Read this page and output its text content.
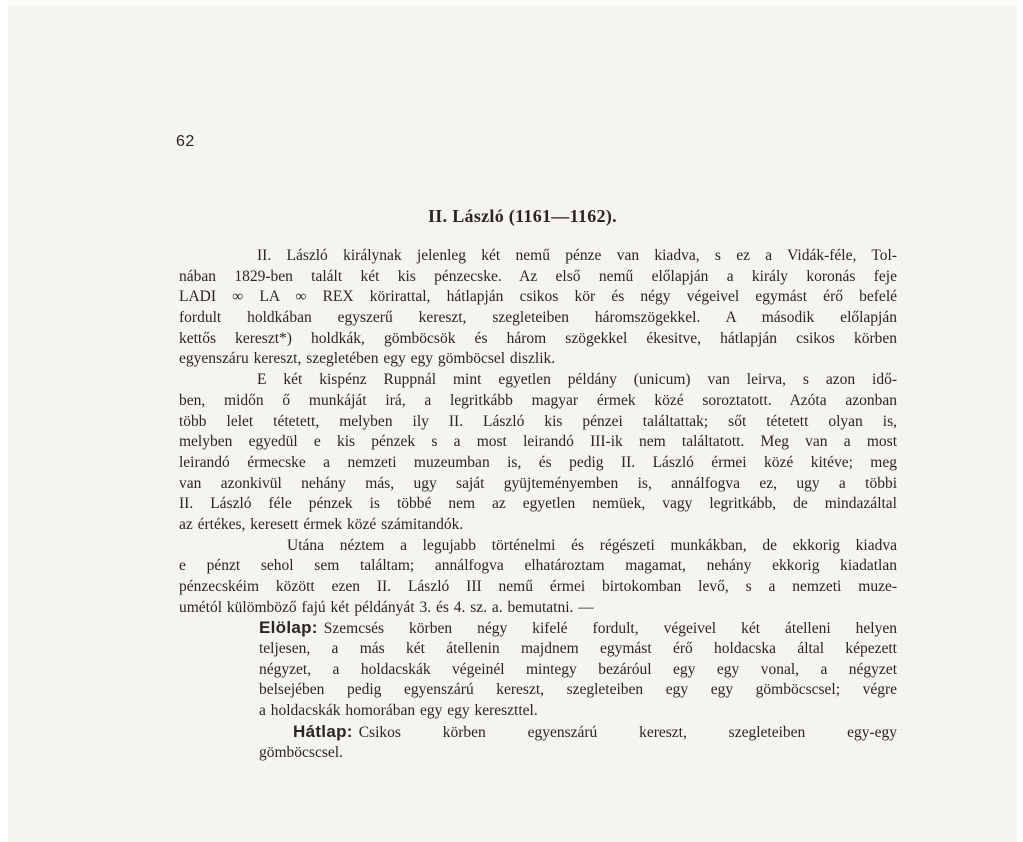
62
II. László (1161—1162).
II. László királynak jelenleg két nemű pénze van kiadva, s ez a Vidák-féle, Tol-
nában 1829-ben talált két kis pénzecske. Az első nemű előlapján a király koronás feje
LADI ∞ LA ∞ REX körirattal, hátlapján csikos kör és négy végeivel egymást érő befelé
fordult holdkában egyszerű kereszt, szegleteiben háromszögekkel. A második előlapján
kettős kereszt*) holdkák, gömböcsök és három szögekkel ékesitve, hátlapján csikos körben
egyenszáru kereszt, szegletében egy egy gömböcsel diszlik.
E két kispénz Ruppnál mint egyetlen példány (unicum) van leirva, s azon idő-
ben, midőn ő munkáját irá, a legritkább magyar érmek közé soroztatott. Azóta azonban
több lelet tétetett, melyben ily II. László kis pénzei találtattak; sőt tétetett olyan is,
melyben egyedül e kis pénzek s a most leirandó III-ik nem találtatott. Meg van a most
leirandó érmecske a nemzeti muzeumban is, és pedig II. László érmei közé kitéve; meg
van azonkivül nehány más, ugy saját gyüjteményemben is, annálfogva ez, ugy a többi
II. László féle pénzek is többé nem az egyetlen nemüek, vagy legritkább, de mindazáltal
az értékes, keresett érmek közé számitandók.
Utána néztem a legujabb történelmi és régészeti munkákban, de ekkorig kiadva
e pénzt sehol sem találtam; annálfogva elhatároztam magamat, nehány ekkorig kiadatlan
pénzecskéim között ezen II. László III nemű érmei birtokomban levő, s a nemzeti muze-
umétól külömböző fajú két példányát 3. és 4. sz. a. bemutatni. —
Elölap: Szemcsés körben négy kifelé fordult, végeivel két átelleni helyen
teljesen, a más két átellenin majdnem egymást érő holdacska által képezett
négyzet, a holdacskák végeinél mintegy bezáróul egy egy vonal, a négyzet
belsejében pedig egyenszárú kereszt, szegleteiben egy egy gömböcscsel; végre
a holdacskák homorában egy egy kereszttel.
Hátlap: Csikos körben egyenszárú kereszt, szegleteiben egy-egy
gömböcscsel.
